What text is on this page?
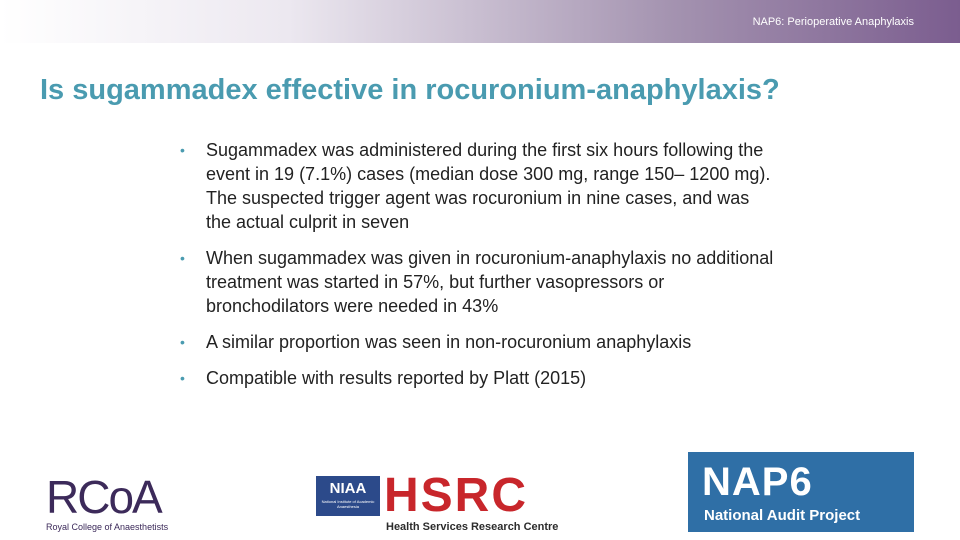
NAP6: Perioperative Anaphylaxis
Is sugammadex effective in rocuronium-anaphylaxis?
• Sugammadex was administered during the first six hours following the event in 19 (7.1%) cases (median dose 300 mg, range 150– 1200 mg). The suspected trigger agent was rocuronium in nine cases, and was the actual culprit in seven
• When sugammadex was given in rocuronium-anaphylaxis no additional treatment was started in 57%, but further vasopressors or bronchodilators were needed in 43%
• A similar proportion was seen in non-rocuronium anaphylaxis
• Compatible with results reported by Platt (2015)
RCoA
Royal College of Anaesthetists
NIAA
National Institute of Academic Anaesthesia HSRC
Health Services Research Centre
NAP6
National Audit Project
